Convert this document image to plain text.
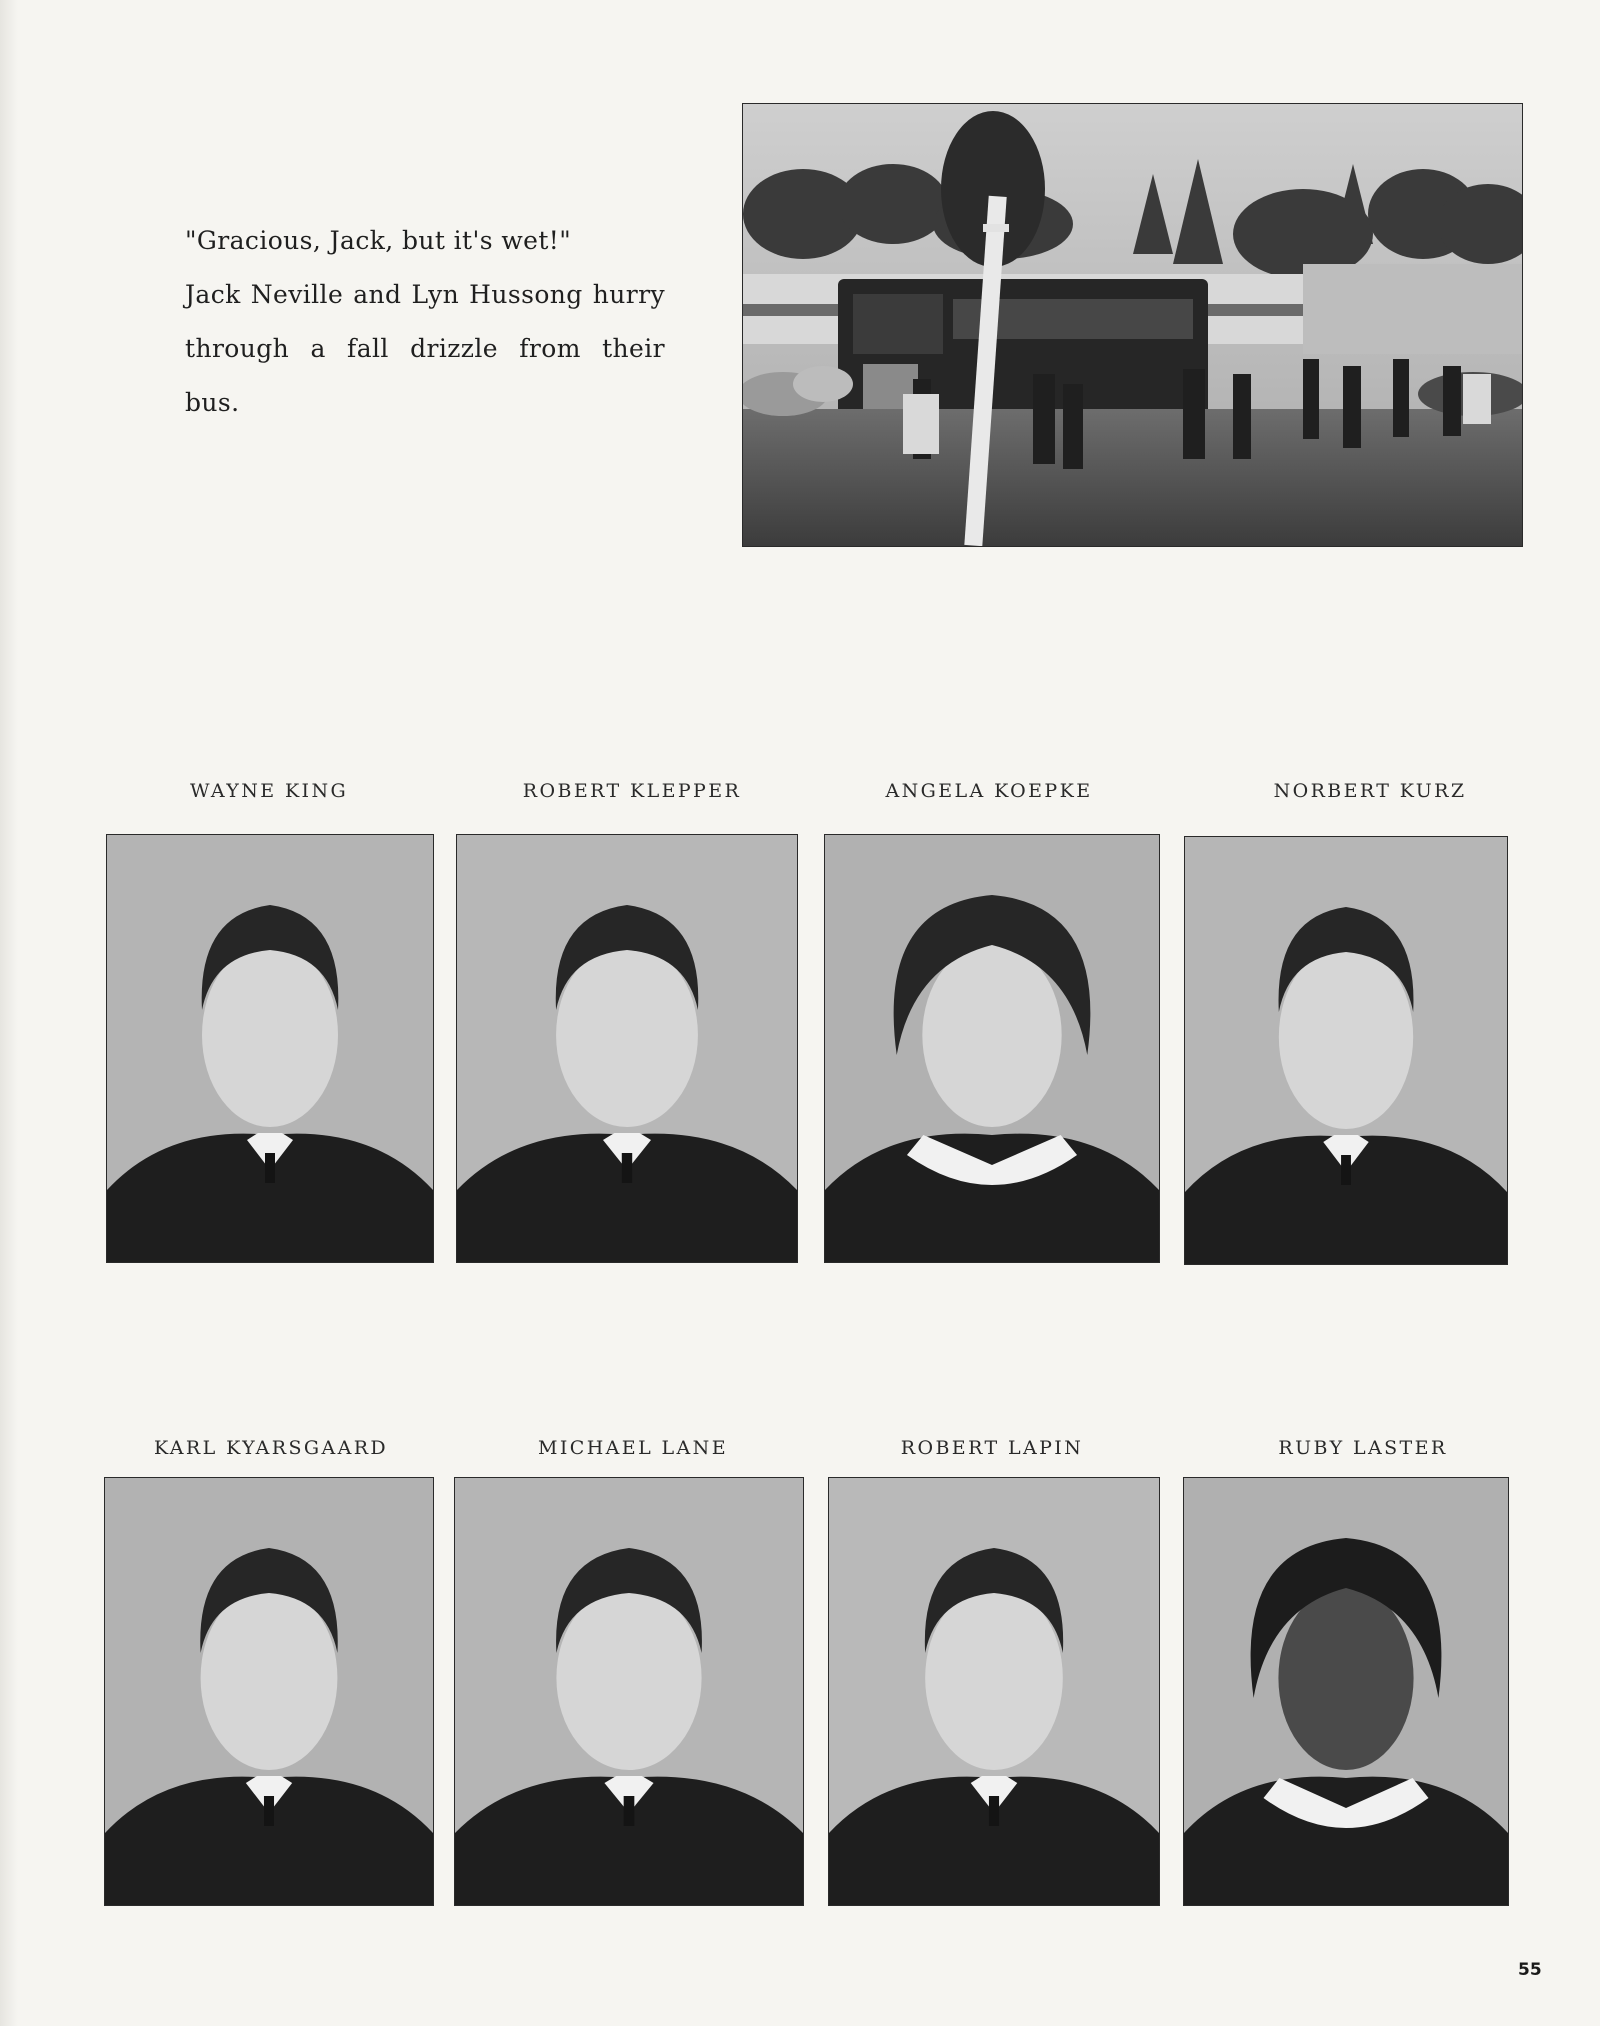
"Gracious, Jack, but it's wet!"
Jack Neville and Lyn Hussong hurry
through a fall drizzle from their
bus.
WAYNE KING	ROBERT KLEPPER	ANGELA KOEPKE	NORBERT KURZ
KARL KYARSGAARD	MICHAEL LANE	ROBERT LAPIN	RUBY LASTER
55
